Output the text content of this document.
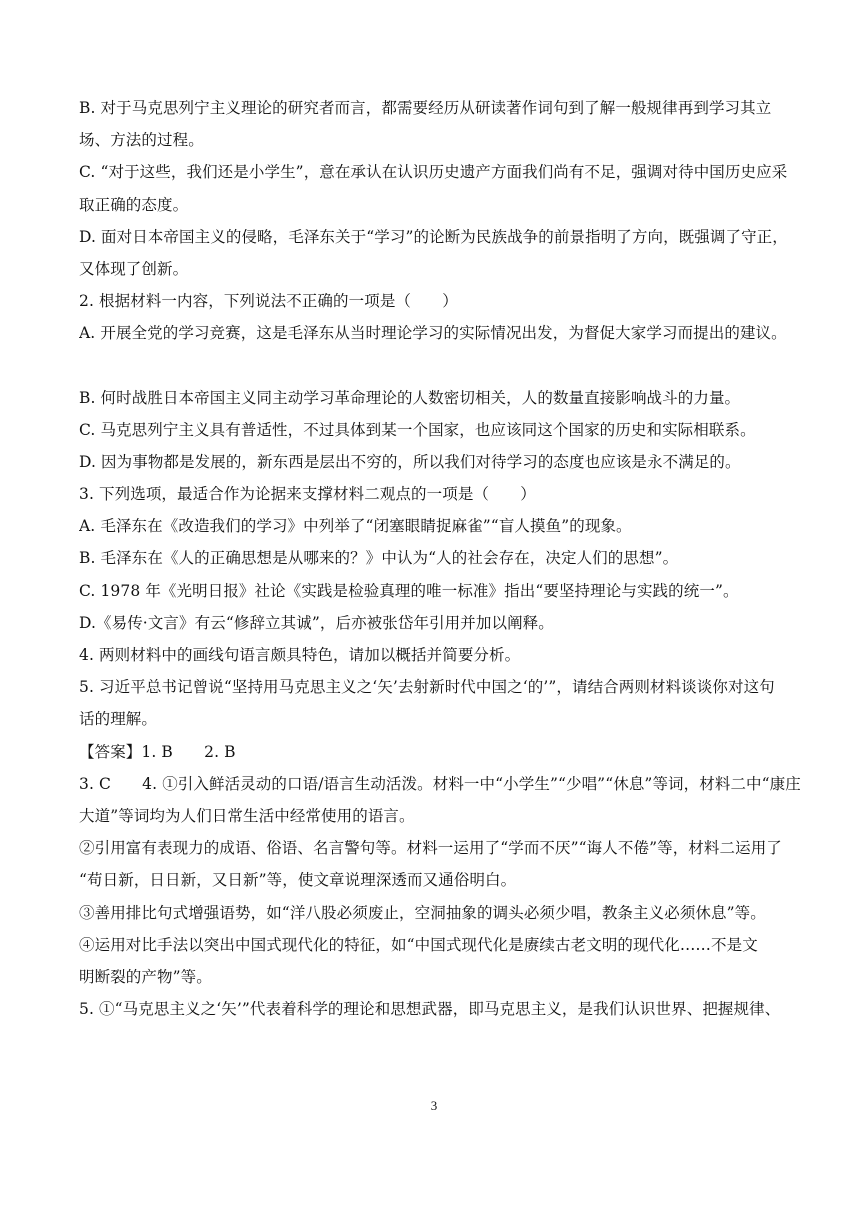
B. 对于马克思列宁主义理论的研究者而言，都需要经历从研读著作词句到了解一般规律再到学习其立
场、方法的过程。
C. “对于这些，我们还是小学生”，意在承认在认识历史遗产方面我们尚有不足，强调对待中国历史应采
取正确的态度。
D. 面对日本帝国主义的侵略，毛泽东关于“学习”的论断为民族战争的前景指明了方向，既强调了守正，
又体现了创新。
2. 根据材料一内容，下列说法不正确的一项是（　　）
A. 开展全党的学习竞赛，这是毛泽东从当时理论学习的实际情况出发，为督促大家学习而提出的建议。
B. 何时战胜日本帝国主义同主动学习革命理论的人数密切相关，人的数量直接影响战斗的力量。
C. 马克思列宁主义具有普适性，不过具体到某一个国家，也应该同这个国家的历史和实际相联系。
D. 因为事物都是发展的，新东西是层出不穷的，所以我们对待学习的态度也应该是永不满足的。
3. 下列选项，最适合作为论据来支撑材料二观点的一项是（　　）
A. 毛泽东在《改造我们的学习》中列举了“闭塞眼睛捉麻雀”“盲人摸鱼”的现象。
B. 毛泽东在《人的正确思想是从哪来的？》中认为“人的社会存在，决定人们的思想”。
C. 1978 年《光明日报》社论《实践是检验真理的唯一标准》指出“要坚持理论与实践的统一”。
D.《易传·文言》有云“修辞立其诚”，后亦被张岱年引用并加以阐释。
4. 两则材料中的画线句语言颇具特色，请加以概括并简要分析。
5. 习近平总书记曾说“坚持用马克思主义之‘矢’去射新时代中国之‘的’”，请结合两则材料谈谈你对这句
话的理解。
【答案】1. B　　2. B
3. C　　4. ①引入鲜活灵动的口语/语言生动活泼。材料一中“小学生”“少唱”“休息”等词，材料二中“康庄
大道”等词均为人们日常生活中经常使用的语言。
②引用富有表现力的成语、俗语、名言警句等。材料一运用了“学而不厌”“诲人不倦”等，材料二运用了
“苟日新，日日新，又日新”等，使文章说理深透而又通俗明白。
③善用排比句式增强语势，如“洋八股必须废止，空洞抽象的调头必须少唱，教条主义必须休息”等。
④运用对比手法以突出中国式现代化的特征，如“中国式现代化是赓续古老文明的现代化……不是文
明断裂的产物”等。
5. ①“马克思主义之‘矢’”代表着科学的理论和思想武器，即马克思主义，是我们认识世界、把握规律、
3
